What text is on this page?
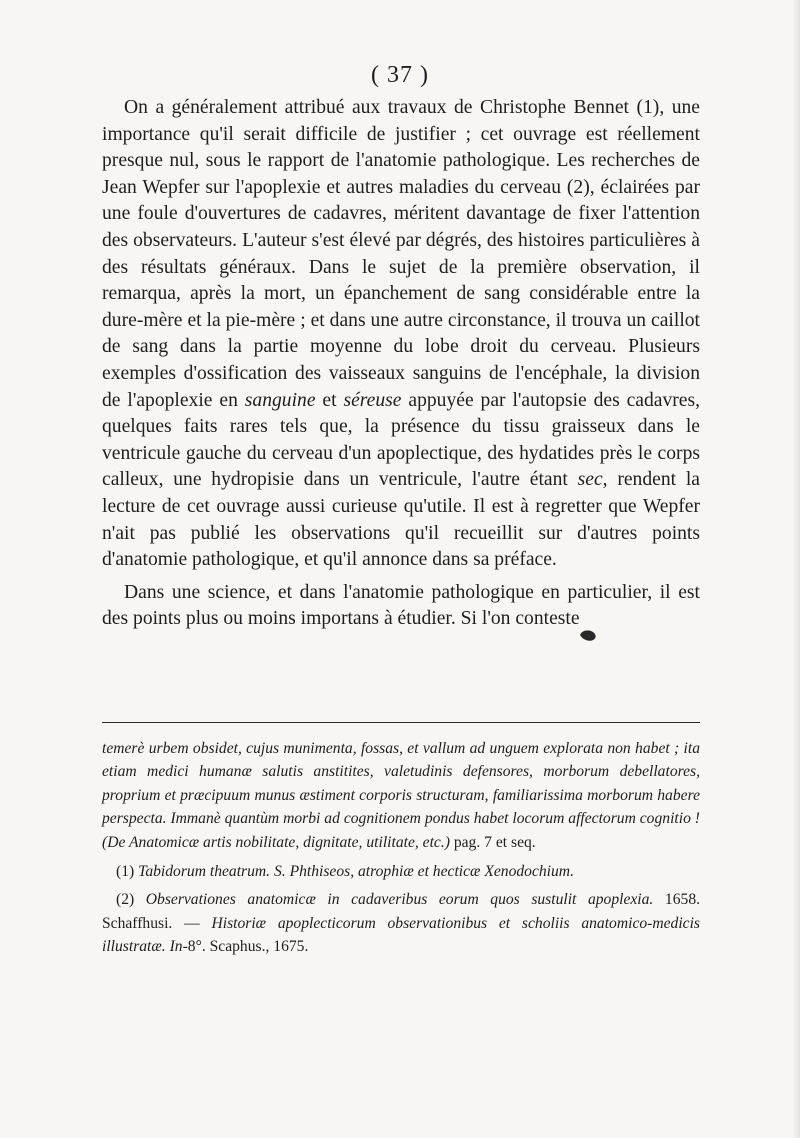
( 37 )

On a généralement attribué aux travaux de Christophe Bennet (1), une importance qu'il serait difficile de justifier ; cet ouvrage est réellement presque nul, sous le rapport de l'anatomie pathologique. Les recherches de Jean Wepfer sur l'apoplexie et autres maladies du cerveau (2), éclairées par une foule d'ouvertures de cadavres, méritent davantage de fixer l'attention des observateurs. L'auteur s'est élevé par dégrés, des histoires particulières à des résultats généraux. Dans le sujet de la première observation, il remarqua, après la mort, un épanchement de sang considérable entre la dure-mère et la pie-mère ; et dans une autre circonstance, il trouva un caillot de sang dans la partie moyenne du lobe droit du cerveau. Plusieurs exemples d'ossification des vaisseaux sanguins de l'encéphale, la division de l'apoplexie en sanguine et séreuse appuyée par l'autopsie des cadavres, quelques faits rares tels que, la présence du tissu graisseux dans le ventricule gauche du cerveau d'un apoplectique, des hydatides près le corps calleux, une hydropisie dans un ventricule, l'autre étant sec, rendent la lecture de cet ouvrage aussi curieuse qu'utile. Il est à regretter que Wepfer n'ait pas publié les observations qu'il recueillit sur d'autres points d'anatomie pathologique, et qu'il annonce dans sa préface.

Dans une science, et dans l'anatomie pathologique en particulier, il est des points plus ou moins importans à étudier. Si l'on conteste

temerè urbem obsidet, cujus munimenta, fossas, et vallum ad unguem explorata non habet ; ita etiam medici humanæ salutis anstitites, valetudinis defensores, morborum debellatores, proprium et præcipuum munus æstiment corporis structuram, familiarissima morborum habere perspecta. Immanè quantùm morbi ad cognitionem pondus habet locorum affectorum cognitio ! (De Anatomicæ artis nobilitate, dignitate, utilitate, etc.) pag. 7 et seq.

(1) Tabidorum theatrum. S. Phthiseos, atrophiæ et hecticæ Xenodochium.

(2) Observationes anatomicæ in cadaveribus eorum quos sustulit apoplexia. 1658. Schaffhusi. — Historiæ apoplecticorum observationibus et scholiis anatomico-medicis illustratæ. In-8°. Scaphus., 1675.
